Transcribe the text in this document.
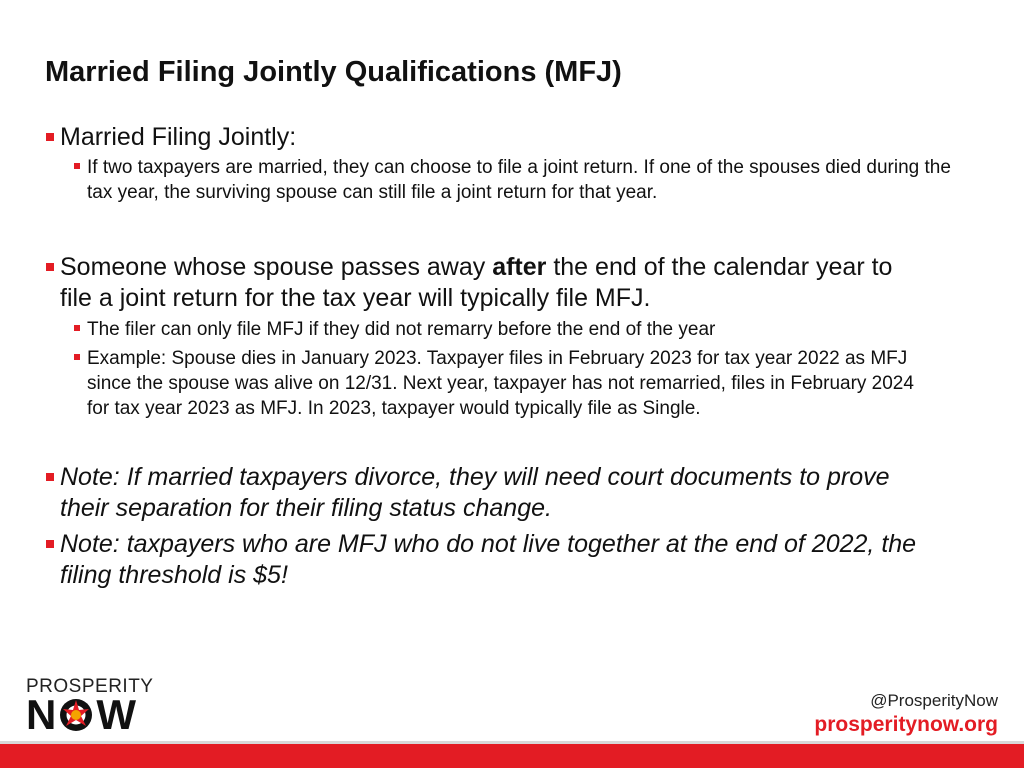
Married Filing Jointly Qualifications (MFJ)
Married Filing Jointly:
If two taxpayers are married, they can choose to file a joint return. If one of the spouses died during the tax year, the surviving spouse can still file a joint return for that year.
Someone whose spouse passes away after the end of the calendar year to file a joint return for the tax year will typically file MFJ.
The filer can only file MFJ if they did not remarry before the end of the year
Example: Spouse dies in January 2023. Taxpayer files in February 2023 for tax year 2022 as MFJ since the spouse was alive on 12/31. Next year, taxpayer has not remarried, files in February 2024 for tax year 2023 as MFJ. In 2023, taxpayer would typically file as Single.
Note: If married taxpayers divorce, they will need court documents to prove their separation for their filing status change.
Note: taxpayers who are MFJ who do not live together at the end of 2022, the filing threshold is $5!
PROSPERITY
N W	@ProsperityNow
prosperitynow.org
